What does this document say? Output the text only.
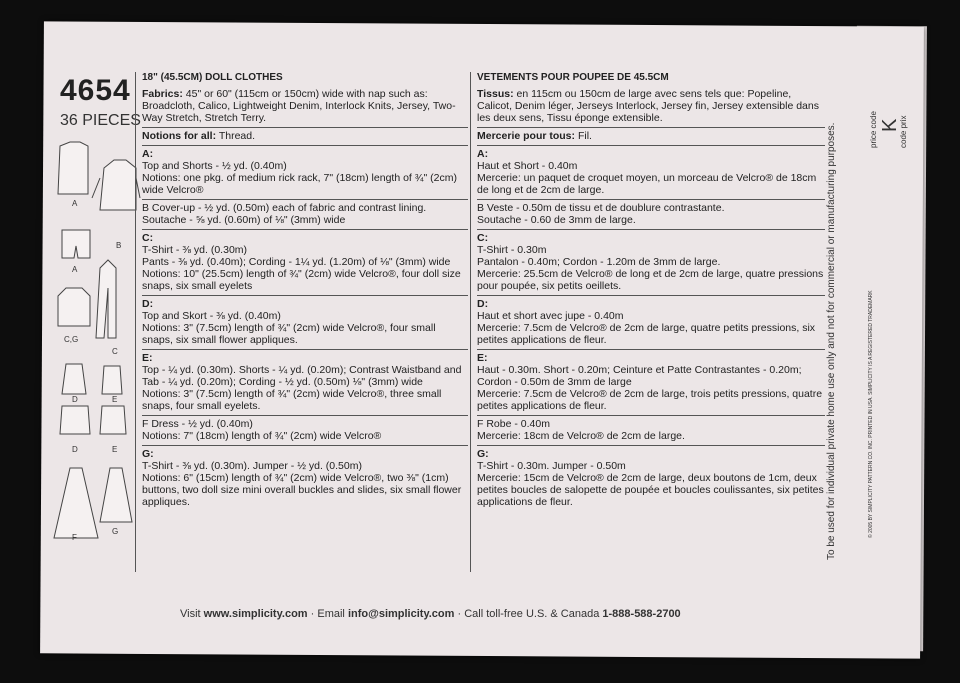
4654
36 PIECES
A
B
A
C,G
C
D	E
D	E
F
G
18" (45.5CM) DOLL CLOTHES

Fabrics: 45" or 60" (115cm or 150cm) wide with nap such as: Broadcloth, Calico, Lightweight Denim, Interlock Knits, Jersey, Two-Way Stretch, Stretch Terry.

Notions for all: Thread.

A:

Top and Shorts - ½ yd. (0.40m)

Notions: one pkg. of medium rick rack, 7" (18cm) length of ¾" (2cm) wide Velcro®

B Cover-up - ½ yd. (0.50m) each of fabric and contrast lining.

Soutache - ⅝ yd. (0.60m) of ⅛" (3mm) wide

C:

T-Shirt - ⅜ yd. (0.30m)

Pants - ⅜ yd. (0.40m); Cording - 1¼ yd. (1.20m) of ⅛" (3mm) wide

Notions: 10" (25.5cm) length of ¾" (2cm) wide Velcro®, four doll size snaps, six small eyelets

D:

Top and Skort - ⅜ yd. (0.40m)

Notions: 3" (7.5cm) length of ¾" (2cm) wide Velcro®, four small snaps, six small flower appliques.

E:

Top - ¼ yd. (0.30m). Shorts - ¼ yd. (0.20m); Contrast Waistband and Tab - ¼ yd. (0.20m); Cording - ½ yd. (0.50m) ⅛" (3mm) wide

Notions: 3" (7.5cm) length of ¾" (2cm) wide Velcro®, three small snaps, four small eyelets.

F Dress - ½ yd. (0.40m)

Notions: 7" (18cm) length of ¾" (2cm) wide Velcro®

G:

T-Shirt - ⅜ yd. (0.30m). Jumper - ½ yd. (0.50m)

Notions: 6" (15cm) length of ¾" (2cm) wide Velcro®, two ⅜" (1cm) buttons, two doll size mini overall buckles and slides, six small flower appliques.

VETEMENTS POUR POUPEE DE 45.5CM

Tissus: en 115cm ou 150cm de large avec sens tels que: Popeline, Calicot, Denim léger, Jerseys Interlock, Jersey fin, Jersey extensible dans les deux sens, Tissu éponge extensible.

Mercerie pour tous: Fil.

A:

Haut et Short - 0.40m

Mercerie: un paquet de croquet moyen, un morceau de Velcro® de 18cm de long et de 2cm de large.

B Veste - 0.50m de tissu et de doublure contrastante.

Soutache - 0.60 de 3mm de large.

C:

T-Shirt - 0.30m

Pantalon - 0.40m; Cordon - 1.20m de 3mm de large.

Mercerie: 25.5cm de Velcro® de long et de 2cm de large, quatre pressions pour poupée, six petits oeillets.

D:

Haut et short avec jupe - 0.40m

Mercerie: 7.5cm de Velcro® de 2cm de large, quatre petits pressions, six petites applications de fleur.

E:

Haut - 0.30m. Short - 0.20m; Ceinture et Patte Contrastantes - 0.20m; Cordon - 0.50m de 3mm de large

Mercerie: 7.5cm de Velcro® de 2cm de large, trois petits pressions, quatre petites applications de fleur.

F Robe - 0.40m

Mercerie: 18cm de Velcro® de 2cm de large.

G:

T-Shirt - 0.30m. Jumper - 0.50m

Mercerie: 15cm de Velcro® de 2cm de large, deux boutons de 1cm, deux petites boucles de salopette de poupée et boucles coulissantes, six petites applications de fleur.	To be used for individual private home use only and not for commercial or manufacturing purposes.	© 2005 BY SIMPLICITY PATTERN CO. INC. PRINTED IN USA. SIMPLICITY IS A REGISTERED TRADEMARK
price code	code prix
K
Visit www.simplicity.com · Email info@simplicity.com · Call toll-free U.S. & Canada 1-888-588-2700
